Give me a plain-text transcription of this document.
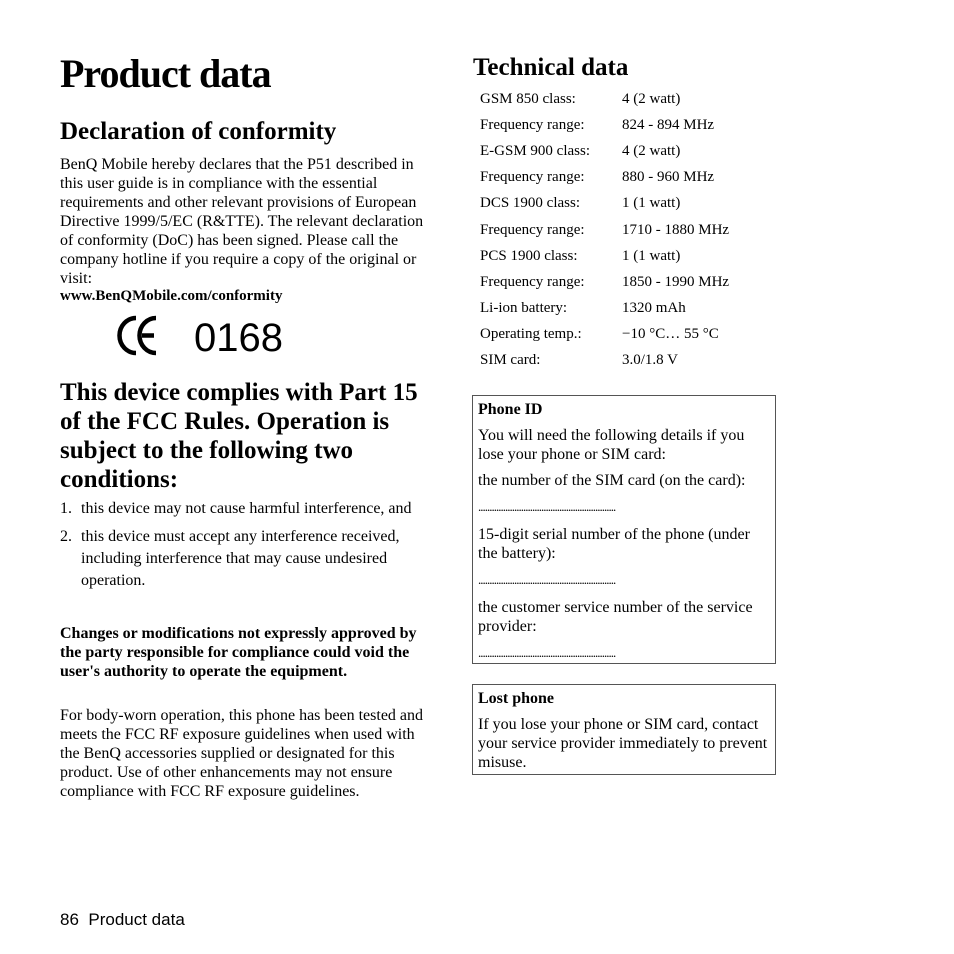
Product data
Declaration of conformity

BenQ Mobile hereby declares that the P51 described in this user guide is in compliance with the essential requirements and other relevant provisions of European Directive 1999/5/EC (R&TTE). The relevant declaration of conformity (DoC) has been signed. Please call the company hotline if you require a copy of the original or visit:

www.BenQMobile.com/conformity
0168
This device complies with Part 15 of the FCC Rules. Operation is subject to the following two conditions:
1. this device may not cause harmful interference, and
2. this device must accept any interference received, including interference that may cause undesired operation.

Changes or modifications not expressly approved by the party responsible for compliance could void the user's authority to operate the equipment.

For body-worn operation, this phone has been tested and meets the FCC RF exposure guidelines when used with the BenQ accessories supplied or designated for this product. Use of other enhancements may not ensure compliance with FCC RF exposure guidelines.

Technical data
GSM 850 class:	4 (2 watt)
Frequency range:	824 - 894 MHz
E-GSM 900 class:	4 (2 watt)
Frequency range:	880 - 960 MHz
DCS 1900 class:	1 (1 watt)
Frequency range:	1710 - 1880 MHz
PCS 1900 class:	1 (1 watt)
Frequency range:	1850 - 1990 MHz
Li-ion battery:	1320 mAh
Operating temp.:	−10 °C… 55 °C
SIM card:	3.0/1.8 V
Phone ID

You will need the following details if you lose your phone or SIM card:

the number of the SIM card (on the card):

.............................................................

15-digit serial number of the phone (under the battery):

.............................................................

the customer service number of the service provider:

.............................................................
Lost phone

If you lose your phone or SIM card, contact your service provider immediately to prevent misuse.

86 Product data
